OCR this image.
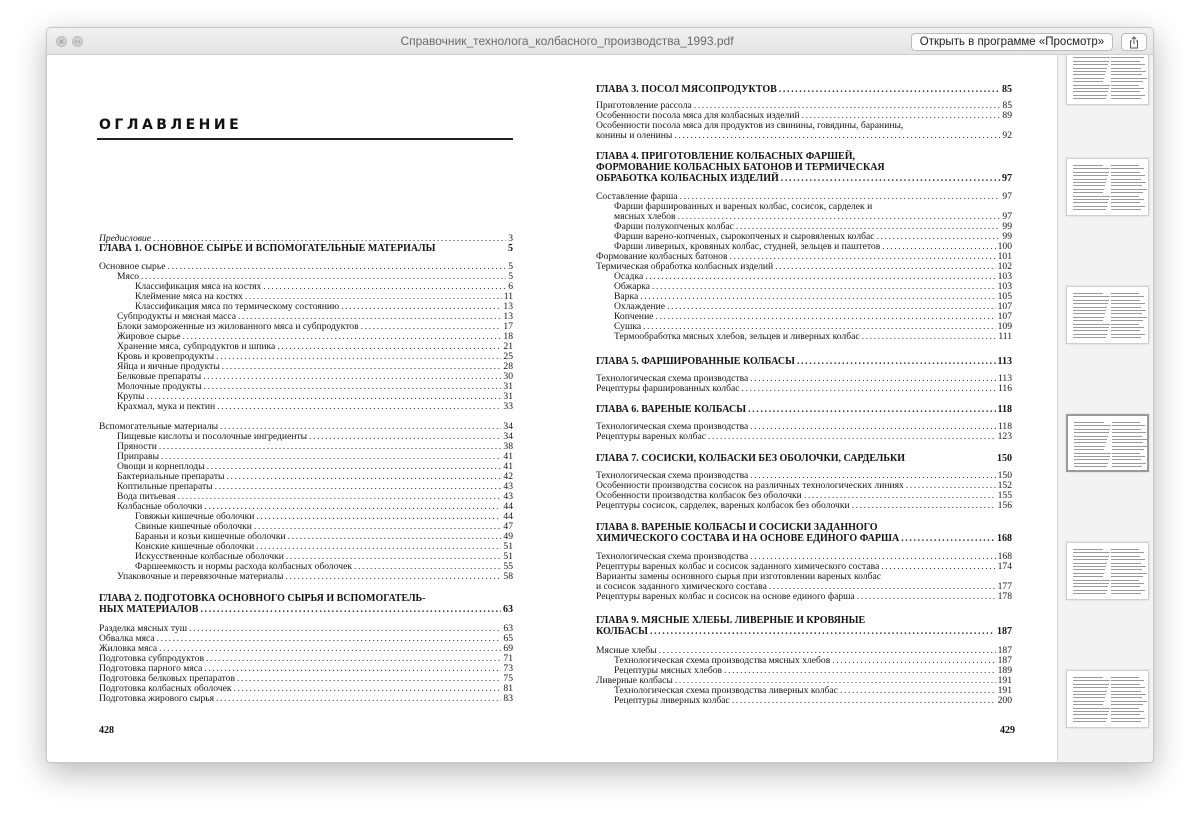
× ‹›	Справочник_технолога_колбасного_производства_1993.pdf	Открыть в программе «Просмотр»
ОГЛАВЛЕНИЕ
428
Предисловие .....	3
ГЛАВА 1. ОСНОВНОЕ СЫРЬЕ И ВСПОМОГАТЕЛЬНЫЕ МАТЕРИАЛЫ	5
Основное сырье .....	5
Мясо .....	5
Классификация мяса на костях .....	6
Клеймение мяса на костях .....	11
Классификация мяса по термическому состоянию .....	13
Субпродукты и мясная масса .....	13
Блоки замороженные из жилованного мяса и субпродуктов .....	17
Жировое сырье .....	18
Хранение мяса, субпродуктов и шпика .....	21
Кровь и кровепродукты .....	25
Яйца и яичные продукты .....	28
Белковые препараты .....	30
Молочные продукты .....	31
Крупы .....	31
Крахмал, мука и пектин .....	33
Вспомогательные материалы .....	34
Пищевые кислоты и посолочные ингредиенты .....	34
Пряности .....	38
Приправы .....	41
Овощи и корнеплоды .....	41
Бактериальные препараты .....	42
Коптильные препараты .....	43
Вода питьевая .....	43
Колбасные оболочки .....	44
Говяжьи кишечные оболочки .....	44
Свиные кишечные оболочки .....	47
Бараньи и козьи кишечные оболочки .....	49
Конские кишечные оболочки .....	51
Искусственные колбасные оболочки .....	51
Фаршеемкость и нормы расхода колбасных оболочек .....	55
Упаковочные и перевязочные материалы .....	58
ГЛАВА 2. ПОДГОТОВКА ОСНОВНОГО СЫРЬЯ И ВСПОМОГАТЕЛЬ-
НЫХ МАТЕРИАЛОВ .....	63
Разделка мясных туш .....	63
Обвалка мяса .....	65
Жиловка мяса .....	69
Подготовка субпродуктов .....	71
Подготовка парного мяса .....	73
Подготовка белковых препаратов .....	75
Подготовка колбасных оболочек .....	81
Подготовка жирового сырья .....	83
429
ГЛАВА 3. ПОСОЛ МЯСОПРОДУКТОВ .....	85
Приготовление рассола .....	85
Особенности посола мяса для колбасных изделий .....	89
Особенности посола мяса для продуктов из свинины, говядины, баранины,
конины и оленины .....	92
ГЛАВА 4. ПРИГОТОВЛЕНИЕ КОЛБАСНЫХ ФАРШЕЙ,
ФОРМОВАНИЕ КОЛБАСНЫХ БАТОНОВ И ТЕРМИЧЕСКАЯ
ОБРАБОТКА КОЛБАСНЫХ ИЗДЕЛИЙ .....	97
Составление фарша .....	97
Фарши фаршированных и вареных колбас, сосисок, сарделек и
мясных хлебов .....	97
Фарши полукопченых колбас .....	99
Фарши варено-копченых, сырокопченых и сыровяленых колбас .....	99
Фарши ливерных, кровяных колбас, студней, зельцев и паштетов .....	100
Формование колбасных батонов .....	101
Термическая обработка колбасных изделий .....	102
Осадка .....	103
Обжарка .....	103
Варка .....	105
Охлаждение .....	107
Копчение .....	107
Сушка .....	109
Термообработка мясных хлебов, зельцев и ливерных колбас .....	111
ГЛАВА 5. ФАРШИРОВАННЫЕ КОЛБАСЫ .....	113
Технологическая схема производства .....	113
Рецептуры фаршированных колбас .....	116
ГЛАВА 6. ВАРЕНЫЕ КОЛБАСЫ .....	118
Технологическая схема производства .....	118
Рецептуры вареных колбас .....	123
ГЛАВА 7. СОСИСКИ, КОЛБАСКИ БЕЗ ОБОЛОЧКИ, САРДЕЛЬКИ	150
Технологическая схема производства .....	150
Особенности производства сосисок на различных технологических линиях .....	152
Особенности производства колбасок без оболочки .....	155
Рецептуры сосисок, сарделек, вареных колбасок без оболочки .....	156
ГЛАВА 8. ВАРЕНЫЕ КОЛБАСЫ И СОСИСКИ ЗАДАННОГО
ХИМИЧЕСКОГО СОСТАВА И НА ОСНОВЕ ЕДИНОГО ФАРША .....	168
Технологическая схема производства .....	168
Рецептуры вареных колбас и сосисок заданного химического состава .....	174
Варианты замены основного сырья при изготовлении вареных колбас
и сосисок заданного химического состава .....	177
Рецептуры вареных колбас и сосисок на основе единого фарша .....	178
ГЛАВА 9. МЯСНЫЕ ХЛЕБЫ. ЛИВЕРНЫЕ И КРОВЯНЫЕ
КОЛБАСЫ .....	187
Мясные хлебы .....	187
Технологическая схема производства мясных хлебов .....	187
Рецептуры мясных хлебов .....	189
Ливерные колбасы .....	191
Технологическая схема производства ливерных колбас .....	191
Рецептуры ливерных колбас .....	200
